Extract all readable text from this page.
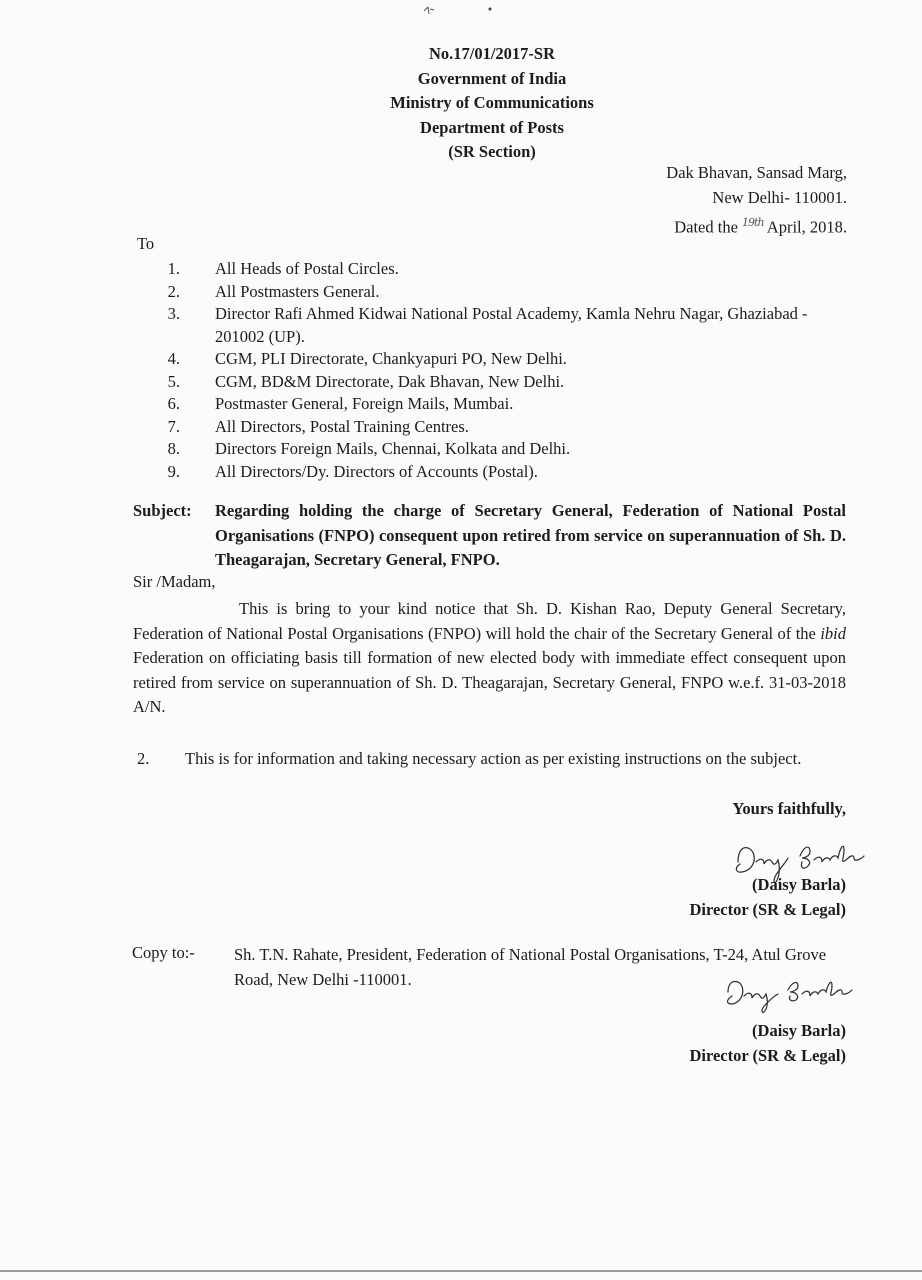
No.17/01/2017-SR
Government of India
Ministry of Communications
Department of Posts
(SR Section)
Dak Bhavan, Sansad Marg,
New Delhi- 110001.
Dated the $^{19th}$ April, 2018.
To
1. All Heads of Postal Circles.
2. All Postmasters General.
3. Director Rafi Ahmed Kidwai National Postal Academy, Kamla Nehru Nagar, Ghaziabad - 201002 (UP).
4. CGM, PLI Directorate, Chankyapuri PO, New Delhi.
5. CGM, BD&M Directorate, Dak Bhavan, New Delhi.
6. Postmaster General, Foreign Mails, Mumbai.
7. All Directors, Postal Training Centres.
8. Directors Foreign Mails, Chennai, Kolkata and Delhi.
9. All Directors/Dy. Directors of Accounts (Postal).
Subject: Regarding holding the charge of Secretary General, Federation of National Postal Organisations (FNPO) consequent upon retired from service on superannuation of Sh. D. Theagarajan, Secretary General, FNPO.
Sir /Madam,
This is bring to your kind notice that Sh. D. Kishan Rao, Deputy General Secretary, Federation of National Postal Organisations (FNPO) will hold the chair of the Secretary General of the ibid Federation on officiating basis till formation of new elected body with immediate effect consequent upon retired from service on superannuation of Sh. D. Theagarajan, Secretary General, FNPO w.e.f. 31-03-2018 A/N.
2. This is for information and taking necessary action as per existing instructions on the subject.
Yours faithfully,
(Daisy Barla)
Director (SR & Legal)
Copy to:- Sh. T.N. Rahate, President, Federation of National Postal Organisations, T-24, Atul Grove Road, New Delhi -110001.
(Daisy Barla)
Director (SR & Legal)
